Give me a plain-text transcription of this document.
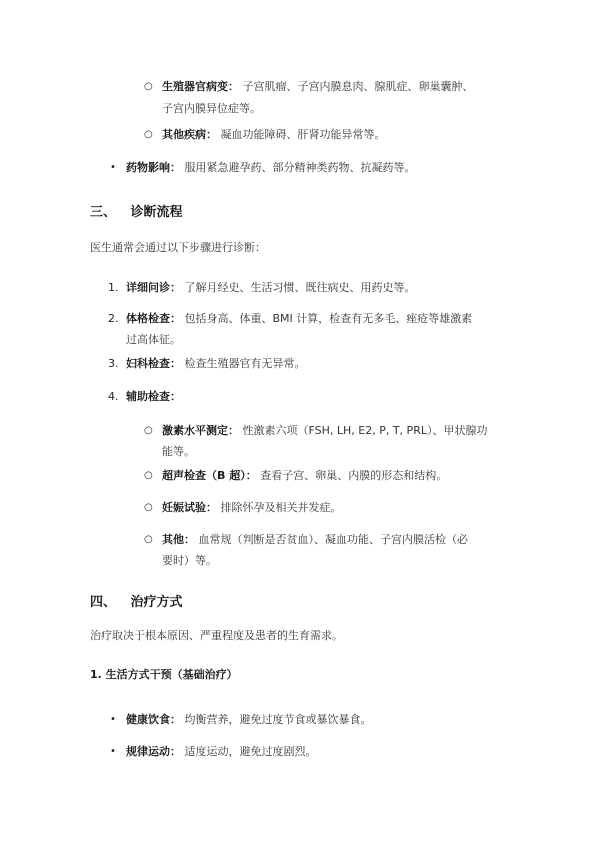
○ 生殖器官病变： 子宫肌瘤、子宫内膜息肉、腺肌症、卵巢囊肿、
子宫内膜异位症等。
○ 其他疾病： 凝血功能障碍、肝肾功能异常等。
• 药物影响： 服用紧急避孕药、部分精神类药物、抗凝药等。
三、 诊断流程
医生通常会通过以下步骤进行诊断：
1. 详细问诊： 了解月经史、生活习惯、既往病史、用药史等。
2. 体格检查： 包括身高、体重、BMI 计算，检查有无多毛、痤疮等雄激素
过高体征。
3. 妇科检查： 检查生殖器官有无异常。
4. 辅助检查：
○ 激素水平测定： 性激素六项（FSH, LH, E2, P, T, PRL）、甲状腺功
能等。
○ 超声检查（B 超）： 查看子宫、卵巢、内膜的形态和结构。
○ 妊娠试验： 排除怀孕及相关并发症。
○ 其他： 血常规（判断是否贫血）、凝血功能、子宫内膜活检（必
要时）等。
四、 治疗方式
治疗取决于根本原因、严重程度及患者的生育需求。
1. 生活方式干预（基础治疗）
• 健康饮食： 均衡营养，避免过度节食或暴饮暴食。
• 规律运动： 适度运动，避免过度剧烈。
